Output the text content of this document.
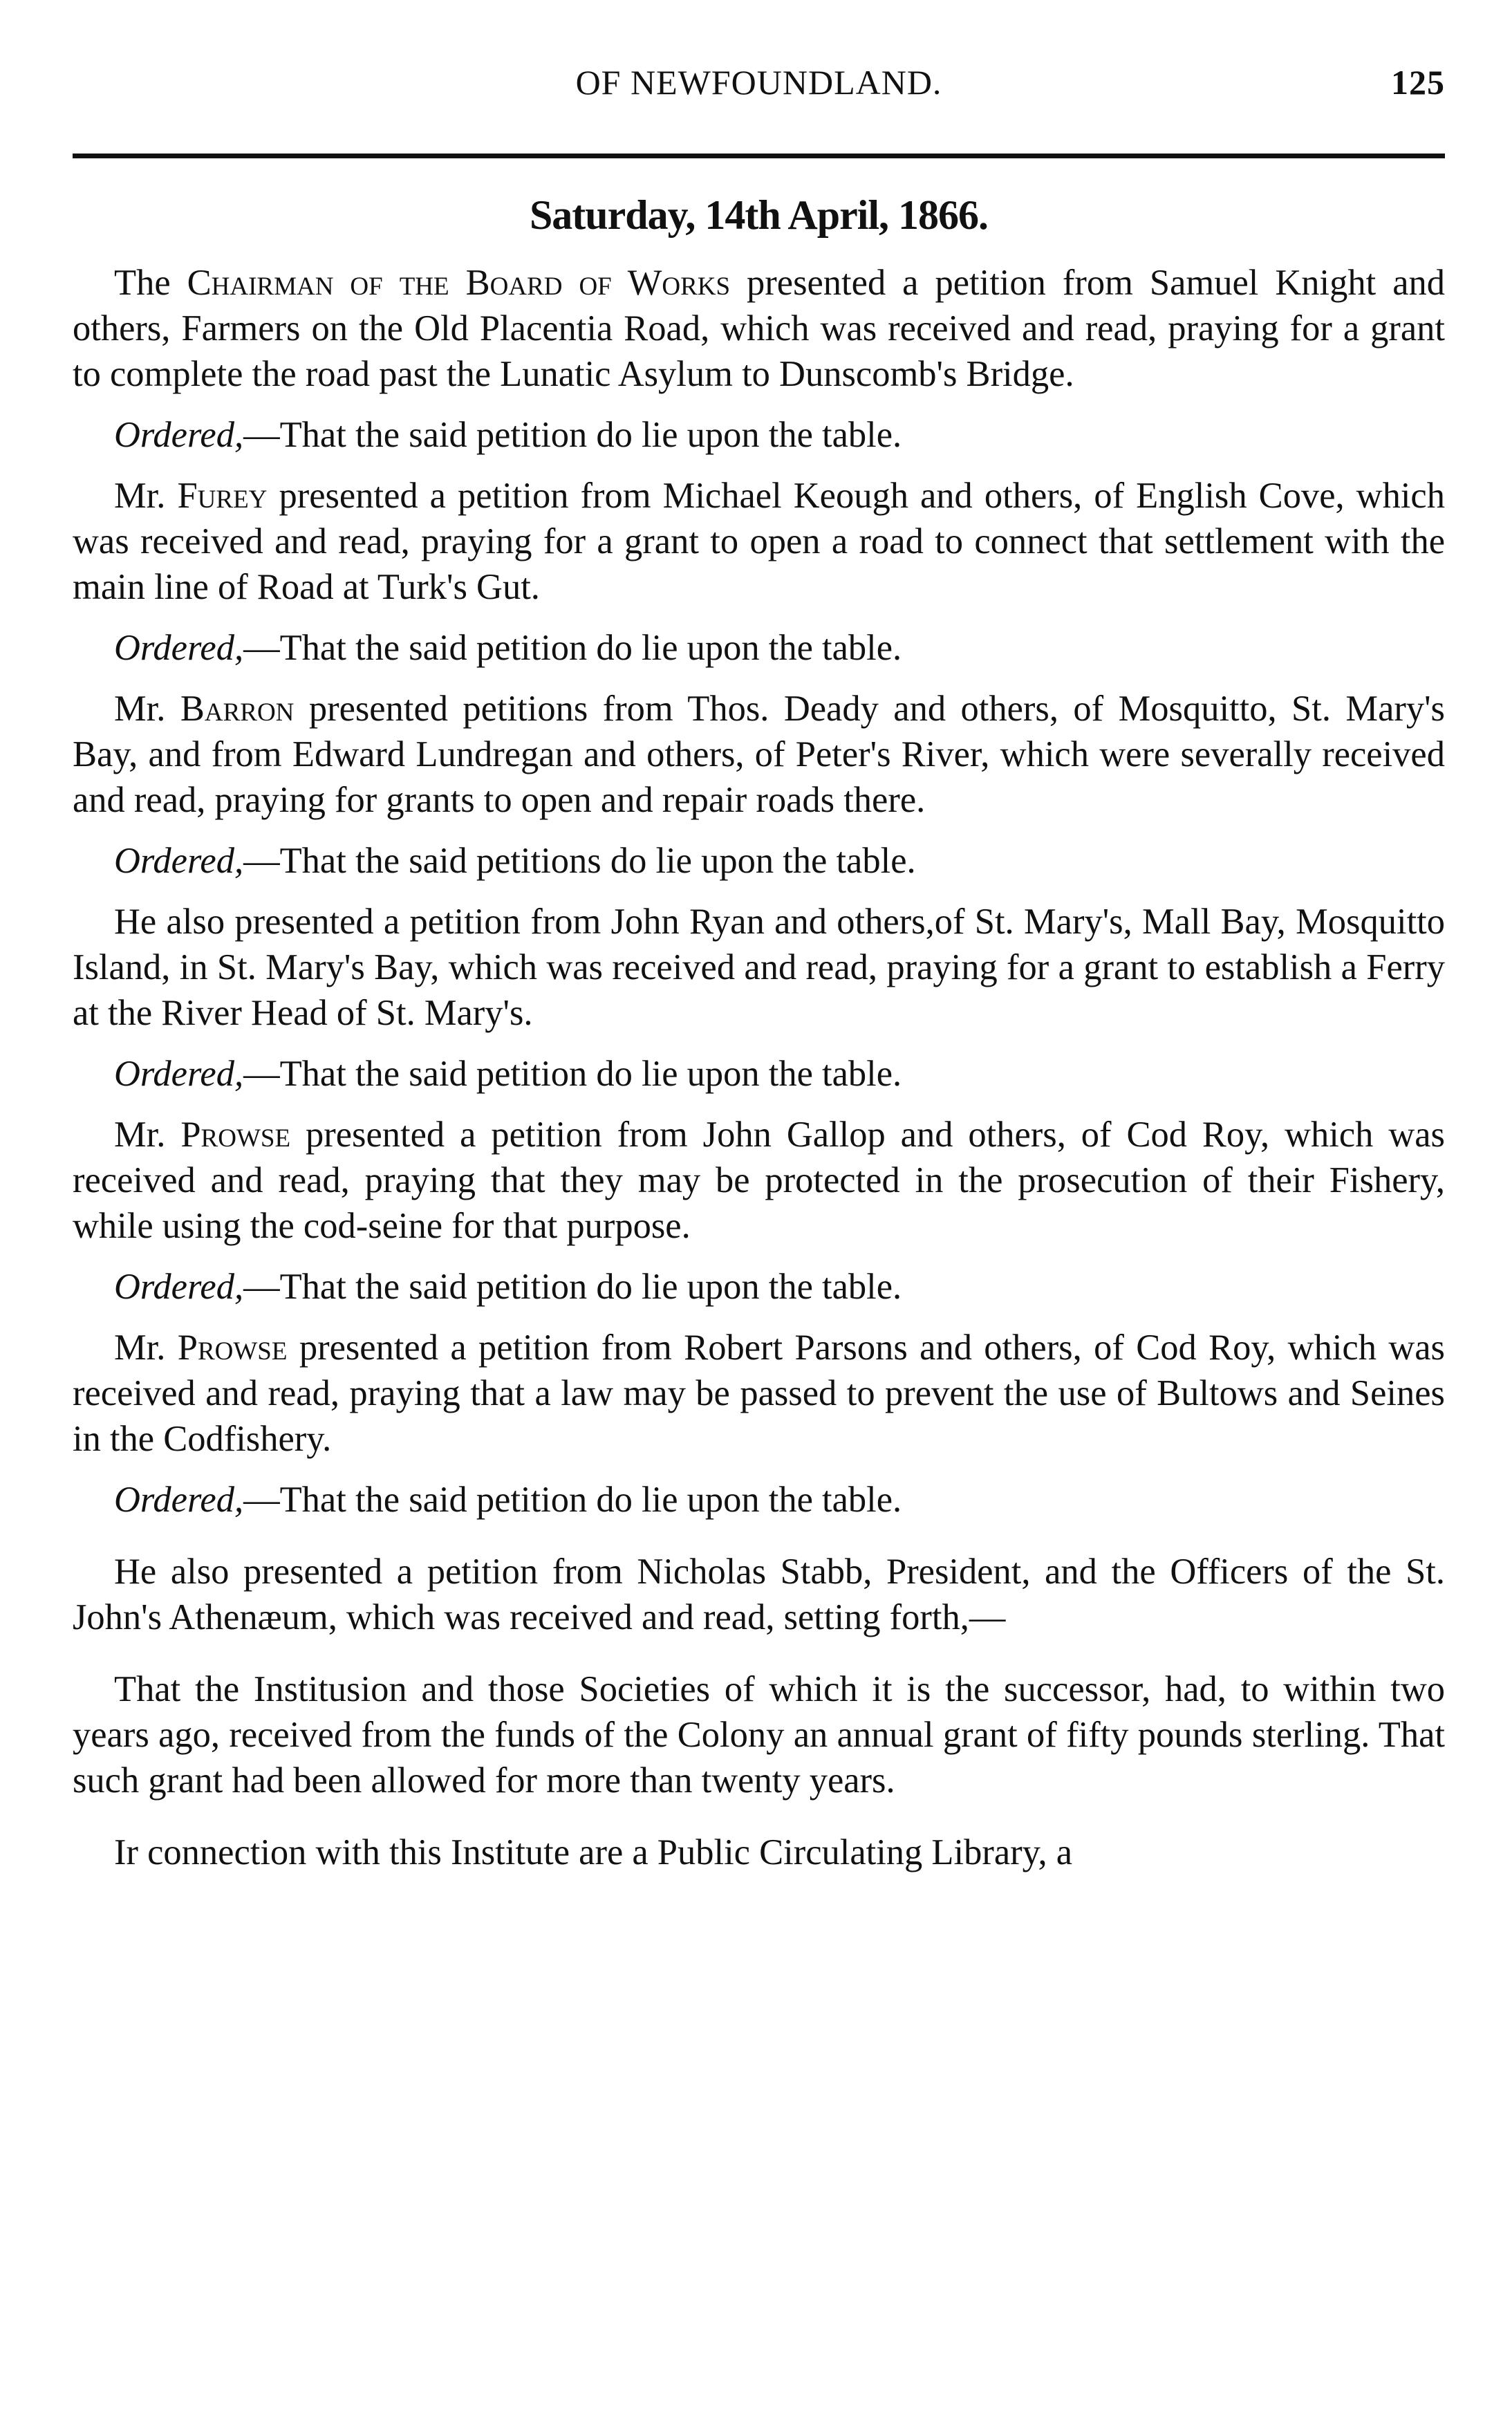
OF NEWFOUNDLAND.	125
Saturday, 14th April, 1866.

The Chairman of the Board of Works presented a petition from Samuel Knight and others, Farmers on the Old Placentia Road, which was received and read, praying for a grant to complete the road past the Lunatic Asylum to Dunscomb's Bridge.

Ordered,—That the said petition do lie upon the table.

Mr. Furey presented a petition from Michael Keough and others, of English Cove, which was received and read, praying for a grant to open a road to connect that settlement with the main line of Road at Turk's Gut.

Ordered,—That the said petition do lie upon the table.

Mr. Barron presented petitions from Thos. Deady and others, of Mosquitto, St. Mary's Bay, and from Edward Lundregan and others, of Peter's River, which were severally received and read, praying for grants to open and repair roads there.

Ordered,—That the said petitions do lie upon the table.

He also presented a petition from John Ryan and others,of St. Mary's, Mall Bay, Mosquitto Island, in St. Mary's Bay, which was received and read, praying for a grant to establish a Ferry at the River Head of St. Mary's.

Ordered,—That the said petition do lie upon the table.

Mr. Prowse presented a petition from John Gallop and others, of Cod Roy, which was received and read, praying that they may be protected in the prosecution of their Fishery, while using the cod-seine for that purpose.

Ordered,—That the said petition do lie upon the table.

Mr. Prowse presented a petition from Robert Parsons and others, of Cod Roy, which was received and read, praying that a law may be passed to prevent the use of Bultows and Seines in the Codfishery.

Ordered,—That the said petition do lie upon the table.

He also presented a petition from Nicholas Stabb, President, and the Officers of the St. John's Athenæum, which was received and read, setting forth,—

That the Institusion and those Societies of which it is the successor, had, to within two years ago, received from the funds of the Colony an annual grant of fifty pounds sterling. That such grant had been allowed for more than twenty years.

Ir connection with this Institute are a Public Circulating Library, a
